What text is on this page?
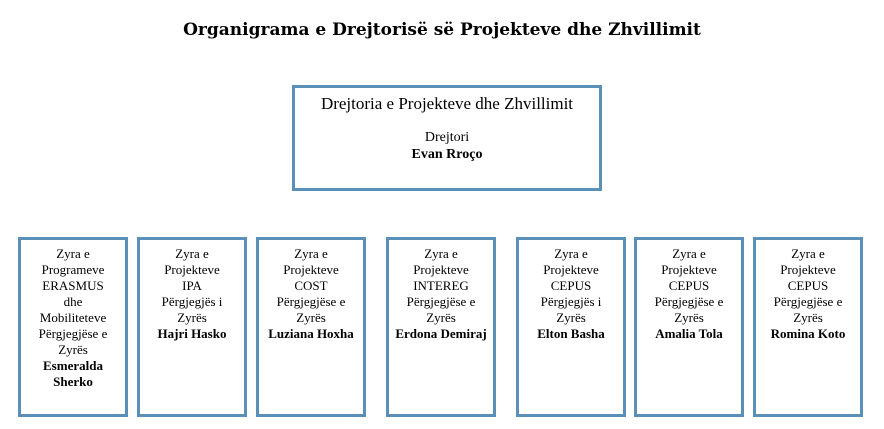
Organigrama e Drejtorisë së Projekteve dhe Zhvillimit
Drejtoria e Projekteve dhe Zhvillimit
Drejtori
Evan Rroço
Zyra e
Programeve
ERASMUS
dhe
Mobiliteteve
Përgjegjëse e
Zyrës
Esmeralda Sherko
Zyra e
Projekteve
IPA
Përgjegjës i
Zyrës
Hajri Hasko
Zyra e
Projekteve
COST
Përgjegjëse e
Zyrës
Luziana Hoxha
Zyra e
Projekteve
INTEREG
Përgjegjëse e
Zyrës
Erdona Demiraj
Zyra e
Projekteve
CEPUS
Përgjegjës i
Zyrës
Elton Basha
Zyra e
Projekteve
CEPUS
Përgjegjëse e
Zyrës
Amalia Tola
Zyra e
Projekteve
CEPUS
Përgjegjëse e
Zyrës
Romina Koto
